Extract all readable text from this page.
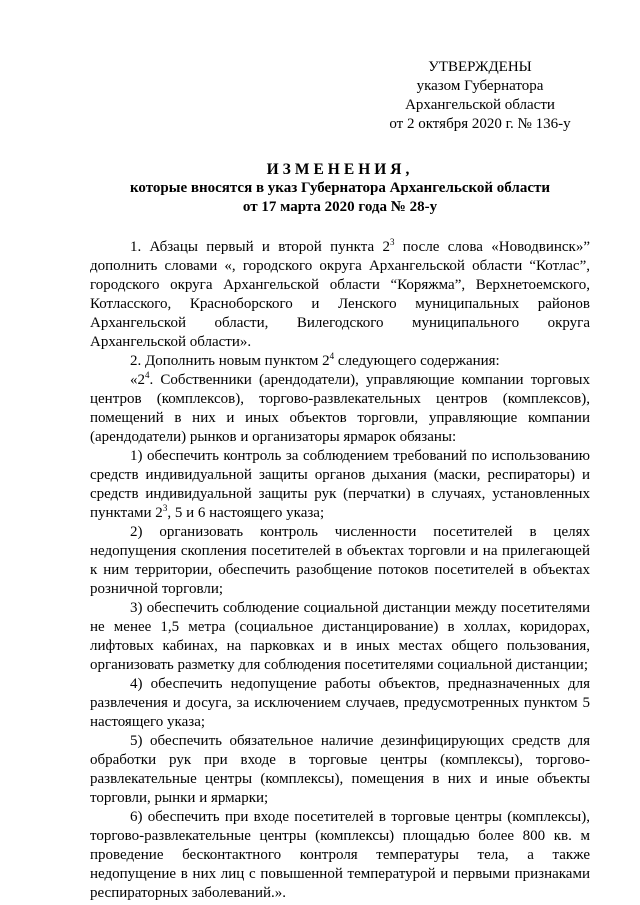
УТВЕРЖДЕНЫ
указом Губернатора
Архангельской области
от 2 октября 2020 г. № 136-у
ИЗМЕНЕНИЯ,
которые вносятся в указ Губернатора Архангельской области
от 17 марта 2020 года № 28-у

1. Абзацы первый и второй пункта $2^3$ после слова «Новодвинск»” дополнить словами «, городского округа Архангельской области “Котлас”, городского округа Архангельской области “Коряжма”, Верхнетоемского, Котласского, Красноборского и Ленского муниципальных районов Архангельской области, Вилегодского муниципального округа Архангельской области».

2. Дополнить новым пунктом $2^4$ следующего содержания:

«$2^4$. Собственники (арендодатели), управляющие компании торговых центров (комплексов), торгово-развлекательных центров (комплексов), помещений в них и иных объектов торговли, управляющие компании (арендодатели) рынков и организаторы ярмарок обязаны:

1) обеспечить контроль за соблюдением требований по использованию средств индивидуальной защиты органов дыхания (маски, респираторы) и средств индивидуальной защиты рук (перчатки) в случаях, установленных пунктами $2^3$, 5 и 6 настоящего указа;

2) организовать контроль численности посетителей в целях недопущения скопления посетителей в объектах торговли и на прилегающей к ним территории, обеспечить разобщение потоков посетителей в объектах розничной торговли;

3) обеспечить соблюдение социальной дистанции между посетителями не менее 1,5 метра (социальное дистанцирование) в холлах, коридорах, лифтовых кабинах, на парковках и в иных местах общего пользования, организовать разметку для соблюдения посетителями социальной дистанции;

4) обеспечить недопущение работы объектов, предназначенных для развлечения и досуга, за исключением случаев, предусмотренных пунктом 5 настоящего указа;

5) обеспечить обязательное наличие дезинфицирующих средств для обработки рук при входе в торговые центры (комплексы), торгово-развлекательные центры (комплексы), помещения в них и иные объекты торговли, рынки и ярмарки;

6) обеспечить при входе посетителей в торговые центры (комплексы), торгово-развлекательные центры (комплексы) площадью более 800 кв. м проведение бесконтактного контроля температуры тела, а также недопущение в них лиц с повышенной температурой и первыми признаками респираторных заболеваний.».
